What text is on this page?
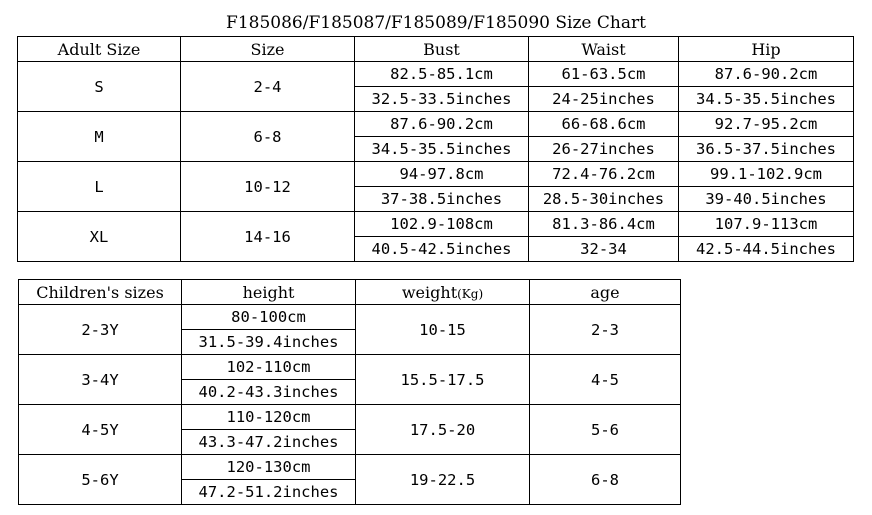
F185086/F185087/F185089/F185090 Size Chart
Adult Size	Size	Bust	Waist	Hip
S	2-4	82.5-85.1cm	61-63.5cm	87.6-90.2cm
		32.5-33.5inches	24-25inches	34.5-35.5inches
M	6-8	87.6-90.2cm	66-68.6cm	92.7-95.2cm
		34.5-35.5inches	26-27inches	36.5-37.5inches
L	10-12	94-97.8cm	72.4-76.2cm	99.1-102.9cm
		37-38.5inches	28.5-30inches	39-40.5inches
XL	14-16	102.9-108cm	81.3-86.4cm	107.9-113cm
		40.5-42.5inches	32-34	42.5-44.5inches
Children's sizes	height	weight(Kg)	age
2-3Y	80-100cm	10-15	2-3
	31.5-39.4inches		
3-4Y	102-110cm	15.5-17.5	4-5
	40.2-43.3inches		
4-5Y	110-120cm	17.5-20	5-6
	43.3-47.2inches		
5-6Y	120-130cm	19-22.5	6-8
	47.2-51.2inches		
